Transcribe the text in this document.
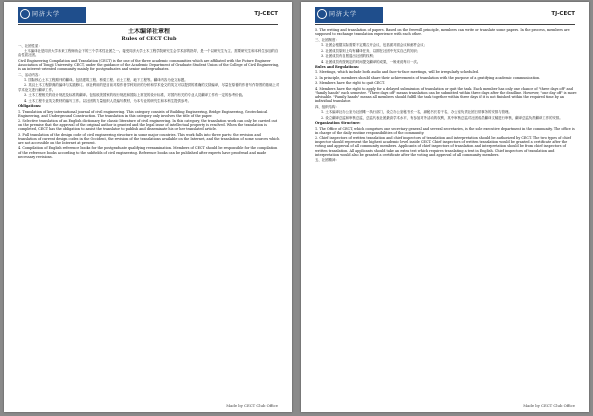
同济大学	TJ-CECT

土木编译社章程

Rules of CECT Club

一、社团性质：

土木编译社是同济大学未来工程师协会下的三个学术性社团之一。接受同济大学土木工程学院研究生会学术部的指导，是一个以研究生为主、需要研究生和本科生参加的自由性质社团。

Civil Engineering Compilation and Translation (CECT) is the one of the three academic communities which are affiliated with the Future Engineer Association of Tongji University. CECT, under the guidance of the Academic Department of Graduate Student Union of the College of Civil Engineering, is an interest-oriented community mainly for postgraduates and senior undergraduates.

二、活动内容：

1. 国际核心土木工程期刊的翻译。包括建筑工程、桥梁工程、岩土工程、地下工程等。翻译内容为论文标题。

2. 英汉土木工程辞典的编译与实践修订。该社利用的是目前对原作者学科知识的分析和学术论文的英文可以提供的准确的文辞编译，尽量在原著的作者写作背景的基础上对学术论文进行翻译工作。

3. 土木工程相关的设计规范及标准的翻译。包括欧美国家的现行规范和国际上常见的设计标准，对国内有关的专业人员翻译工作有一定的参考价值。

4. 土木工程专业英文教材的编写工作。以社团的力量组织人员编写教材，为本专业的研究生和本科生提供参考。

Obligations:

1. Translation of key international journal of civil engineering. This category consists of Building Engineering, Bridge Engineering, Geotechnical Engineering, and Underground Construction. The translation in this category only involves the title of the paper.

2. Selective translation of an English dictionary for classic literature of civil engineering. In this category, the translation work can only be carried out on the premise that the approval of the original author is granted and the legal issue of intellectual property is resolved. When the translation is completed, CECT has the obligation to assist the translator to publish and disseminate his or her translated article.

3. Full translation of the design code of civil engineering structure in some major countries. This work falls into three parts: the revision and translation of current design codes in the Occident, the revision of the translations available on the Internet, and the translation of some sources which are not accessible on the Internet at present.

4. Compilation of English reference books for the postgraduate qualifying reexamination. Members of CECT should be responsible for the compilation of the reference books according to the subfields of civil engineering. Reference books can be published after experts have proofread and made necessary revisions.

Made by CECT Club Office
同济大学	TJ-CECT

5. The writing and translation of papers. Based on the freewill principle, members can write or translate some papers. In the process, members are supposed to exchange translation experience with each other.

三、社团制度：

1. 社团会根据实际需要不定期召开会议，包括面对面会议和邮件会议；

2. 社团成员原则上均有翻译任务，以期在社团中充实自己的知识；

3. 社团成员有自愿退出社团的权利；

4. 社团成员有按规定的时间提交翻译的成果，一般来说每月一次。

Rules and Regulations:

1. Meetings, which include both audio and face-to-face meetings, will be irregularly scheduled.

2. In principle, members should share their achievements of translation with the purpose of a gratifying academic communication.

3. Members have the right to quit CECT.

4. Members have the right to apply for a delayed submission of translation or quit the task. Each member has only one chance of "three days off" and "family hands" each semester. "Three days off" means translation can be submitted within three days after the deadline. However, "one day off" is more advisable. "Family hands" means all members should fulfill the task together within three days if it is not finished within the required time by an individual translator.

四、组织结构：

1. 土木编译社办公室为社团唯一执行部门，设立办公室秘书长一名，副秘书长若干名，办公室负责社团日常事务的安排与管理。

2. 设立翻译总监和审核总监，总监代表社团最高学术水平，有参加对外活动的权利，其中审核总监对社团成员翻译文稿进行审核，翻译总监负责翻译工作的安排。

Organization Structure:

1. The Office of CECT, which comprises one secretary general and several secretaries, is the sole executive department in the community. The office is in charge of the daily routine responsibilities of the community.

2. Chief inspectors of written translation and chief inspectors of translation and interpretation should be authorized by CECT. The two types of chief inspector should represent the highest academic level inside CECT. Chief inspectors of written translation would be granted a certificate after the voting and approval of all community members. Applicants of chief inspectors of translation and interpretation should be from chief inspectors of written translation. All applicants should take an extra test which requires translating a text in English. Chief inspectors of translation and interpretation would also be granted a certificate after the voting and approval of all community members.

五、社团精神：

Made by CECT Club Office
